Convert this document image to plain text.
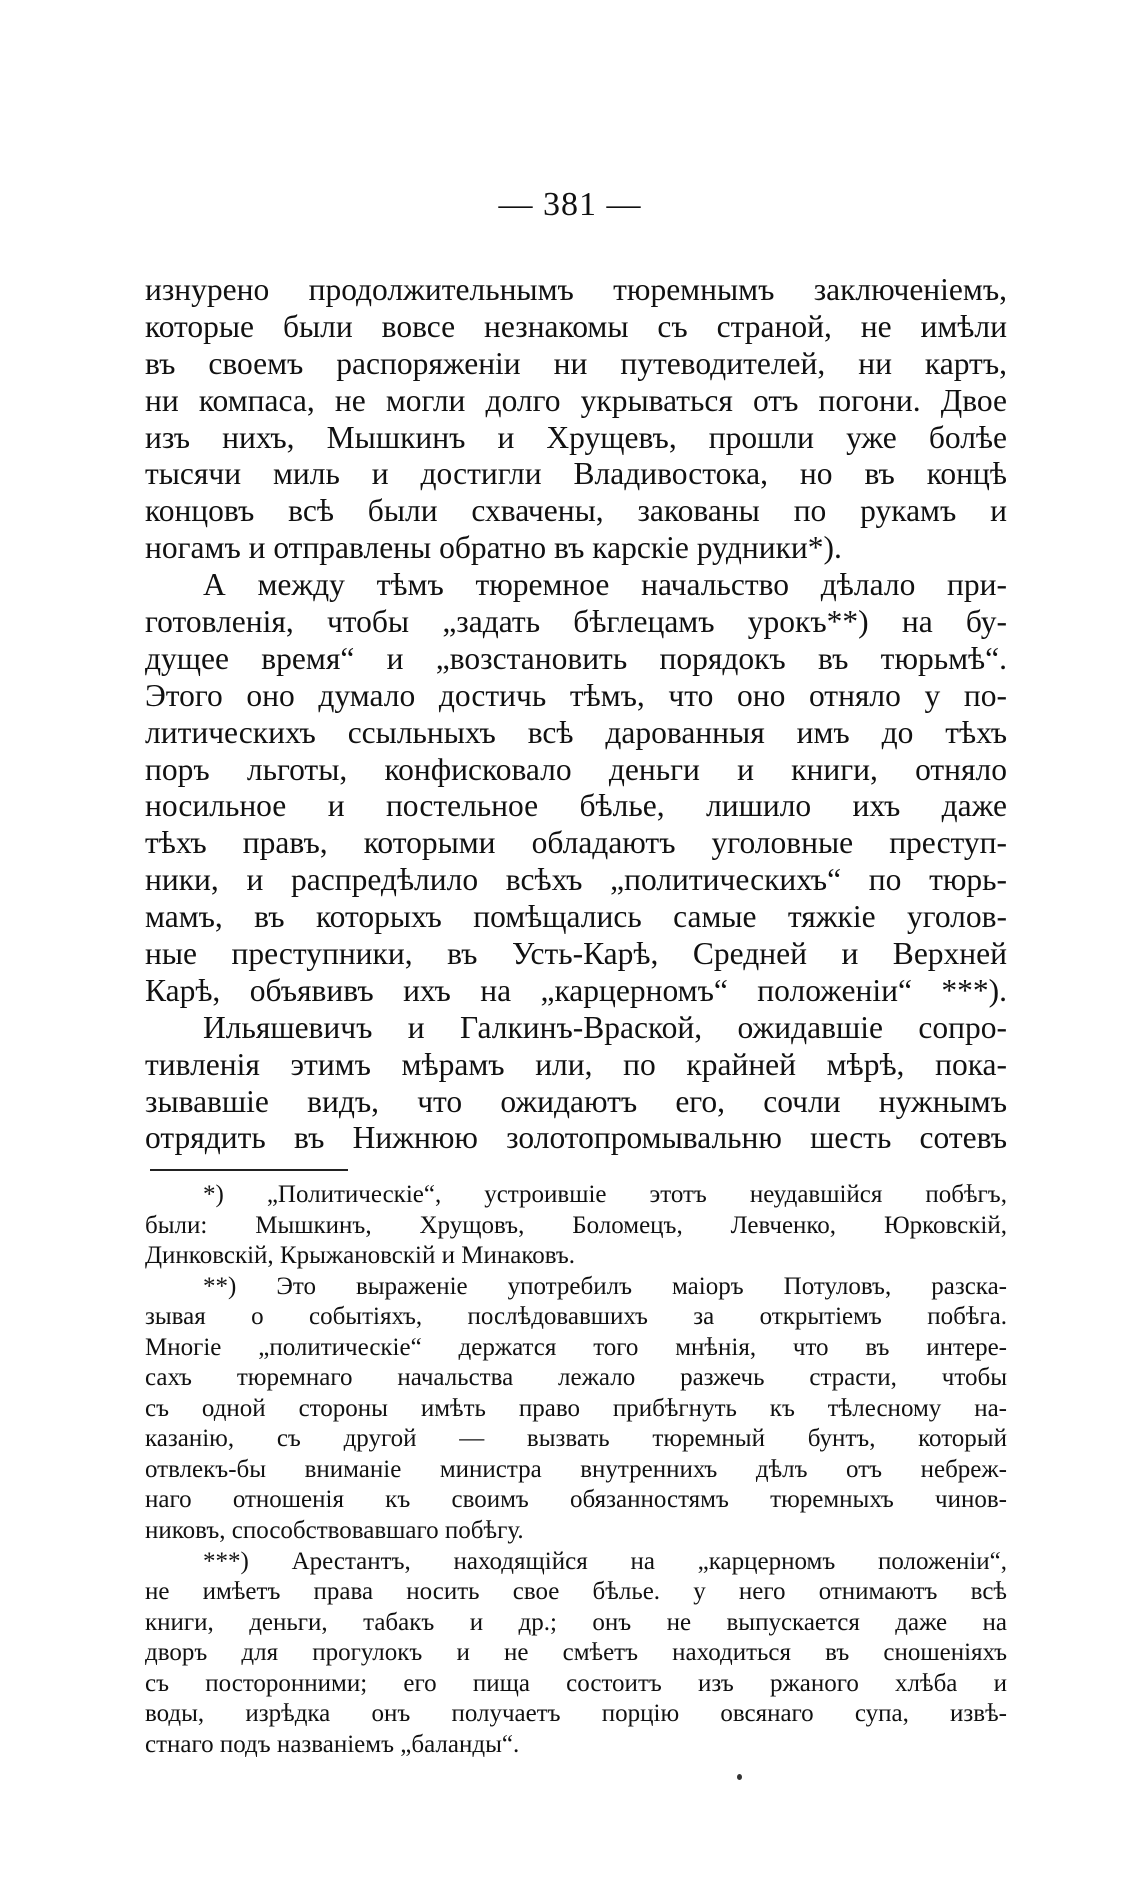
— 381 —
изнурено продолжительнымъ тюремнымъ заключеніемъ,
которые были вовсе незнакомы съ страной, не имѣли
въ своемъ распоряженіи ни путеводителей, ни картъ,
ни компаса, не могли долго укрываться отъ погони. Двое
изъ нихъ, Мышкинъ и Хрущевъ, прошли уже болѣе
тысячи миль и достигли Владивостока, но въ концѣ
концовъ всѣ были схвачены, закованы по рукамъ и
ногамъ и отправлены обратно въ карскіе рудники*).
А между тѣмъ тюремное начальство дѣлало при-
готовленія, чтобы „задать бѣглецамъ урокъ**) на бу-
дущее время“ и „возстановить порядокъ въ тюрьмѣ“.
Этого оно думало достичь тѣмъ, что оно отняло у по-
литическихъ ссыльныхъ всѣ дарованныя имъ до тѣхъ
поръ льготы, конфисковало деньги и книги, отняло
носильное и постельное бѣлье, лишило ихъ даже
тѣхъ правъ, которыми обладаютъ уголовные преступ-
ники, и распредѣлило всѣхъ „политическихъ“ по тюрь-
мамъ, въ которыхъ помѣщались самые тяжкіе уголов-
ные преступники, въ Усть-Карѣ, Средней и Верхней
Карѣ, объявивъ ихъ на „карцерномъ“ положеніи“ ***).
Ильяшевичъ и Галкинъ-Враской, ожидавшіе сопро-
тивленія этимъ мѣрамъ или, по крайней мѣрѣ, пока-
зывавшіе видъ, что ожидаютъ его, сочли нужнымъ
отрядить въ Нижнюю золотопромывальню шесть сотевъ
*) „Политическіе“, устроившіе этотъ неудавшійся побѣгъ,
были: Мышкинъ, Хрущовъ, Боломецъ, Левченко, Юрковскій,
Динковскій, Крыжановскій и Минаковъ.
**) Это выраженіе употребилъ маіоръ Потуловъ, разска-
зывая о событіяхъ, послѣдовавшихъ за открытіемъ побѣга.
Многіе „политическіе“ держатся того мнѣнія, что въ интере-
сахъ тюремнаго начальства лежало разжечь страсти, чтобы
съ одной стороны имѣть право прибѣгнуть къ тѣлесному на-
казанію, съ другой — вызвать тюремный бунтъ, который
отвлекъ-бы вниманіе министра внутреннихъ дѣлъ отъ небреж-
наго отношенія къ своимъ обязанностямъ тюремныхъ чинов-
никовъ, способствовавшаго побѣгу.
***) Арестантъ, находящійся на „карцерномъ положеніи“,
не имѣетъ права носить свое бѣлье. у него отнимаютъ всѣ
книги, деньги, табакъ и др.; онъ не выпускается даже на
дворъ для прогулокъ и не смѣетъ находиться въ сношеніяхъ
съ посторонними; его пища состоитъ изъ ржаного хлѣба и
воды, изрѣдка онъ получаетъ порцію овсянаго супа, извѣ-
стнаго подъ названіемъ „баланды“.
